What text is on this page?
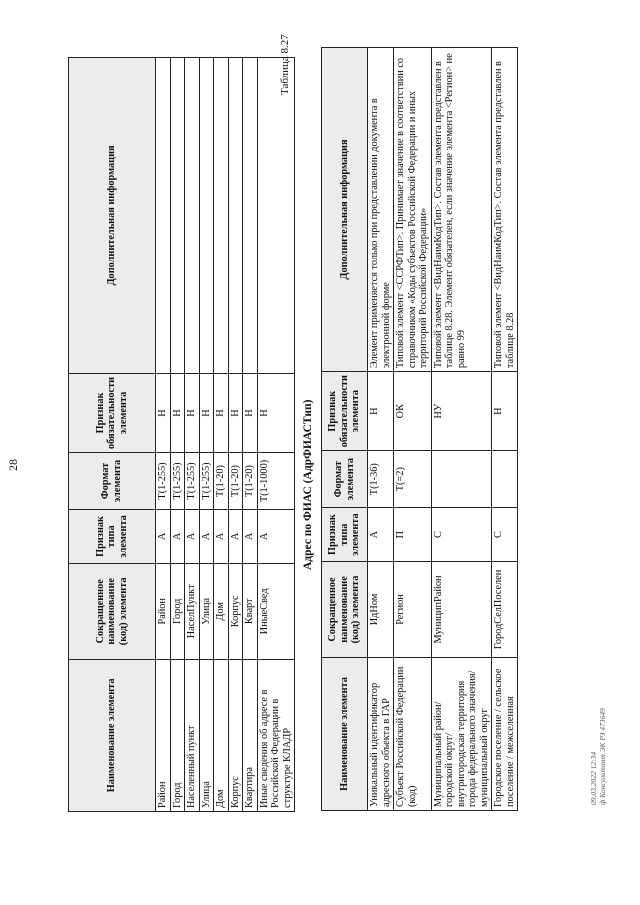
28
Наименование элемента	Сокращенное наименование (код) элемента	Признак типа элемента	Формат элемента	Признак обязательности элемента	Дополнительная информация
Район	Район	А	T(1-255)	Н	
Город	Город	А	T(1-255)	Н	
Населенный пункт	НаселПункт	А	T(1-255)	Н	
Улица	Улица	А	T(1-255)	Н	
Дом	Дом	А	T(1-20)	Н	
Корпус	Корпус	А	T(1-20)	Н	
Квартира	Кварт	А	T(1-20)	Н	
Иные сведения об адресе в Российской Федерации в структуре КЛАДР	ИныеСвед	А	T(1-1000)	Н	
Таблица 8.27
Адрес по ФИАС (АдрФИАСТип)
Наименование элемента	Сокращенное наименование (код) элемента	Признак типа элемента	Формат элемента	Признак обязательности элемента	Дополнительная информация
Уникальный идентификатор адресного объекта в ГАР	ИдНом	А	T(1-36)	Н	Элемент применяется только при представлении документа в электронной форме
Субъект Российской Федерации (код)	Регион	П	T(=2)	ОК	Типовой элемент <ССРФТип>. Принимает значение в соответствии со справочником «Коды субъектов Российской Федерации и иных территорий Российской Федерации»
Муниципальный район/ городской округ/ внутригородская территория города федерального значения/ муниципальный округ	МуниципРайон	С		НУ	Типовой элемент <ВидНаимКодТип>. Состав элемента представлен в таблице 8.28. Элемент обязателен, если значение элемента <Регион> не равно 99
Городское поселение / сельское поселение / межселенная	ГородСелПоселен	С		Н	Типовой элемент <ВидНаимКодТип>. Состав элемента представлен в таблице 8.28
09.03.2022 12:34 ф Консультант ЭК РЗ 473649
